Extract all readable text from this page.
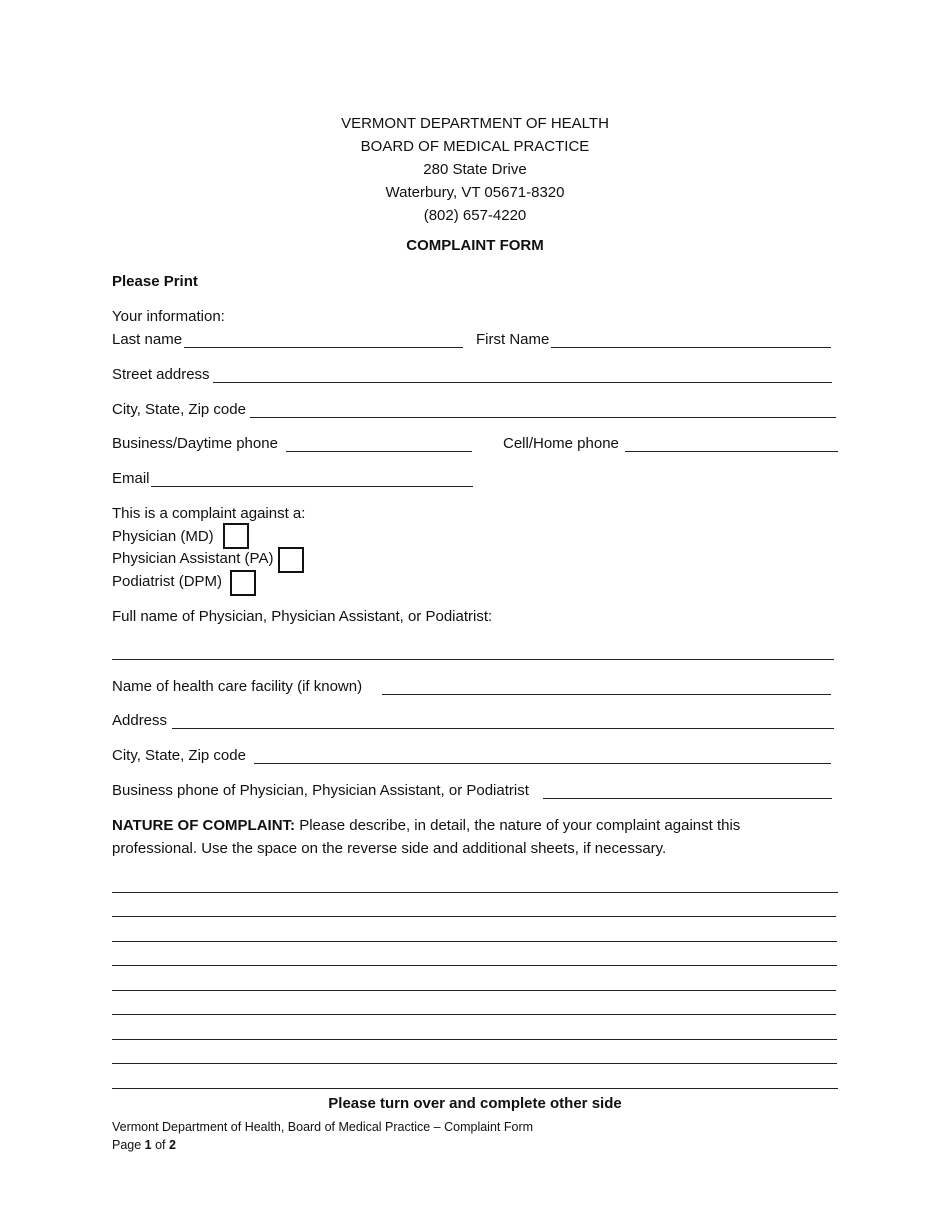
VERMONT DEPARTMENT OF HEALTH
BOARD OF MEDICAL PRACTICE
280 State Drive
Waterbury, VT 05671-8320
(802) 657-4220
COMPLAINT FORM
Please Print
Your information:
Last name	First Name
Street address
City, State, Zip code
Business/Daytime phone	Cell/Home phone
Email
This is a complaint against a:
Physician (MD)
Physician Assistant (PA)
Podiatrist (DPM)
Full name of Physician, Physician Assistant, or Podiatrist:
Name of health care facility (if known)
Address
City, State, Zip code
Business phone of Physician, Physician Assistant, or Podiatrist
NATURE OF COMPLAINT: Please describe, in detail, the nature of your complaint against this
professional. Use the space on the reverse side and additional sheets, if necessary.
Please turn over and complete other side
Vermont Department of Health, Board of Medical Practice – Complaint Form
Page 1 of 2
